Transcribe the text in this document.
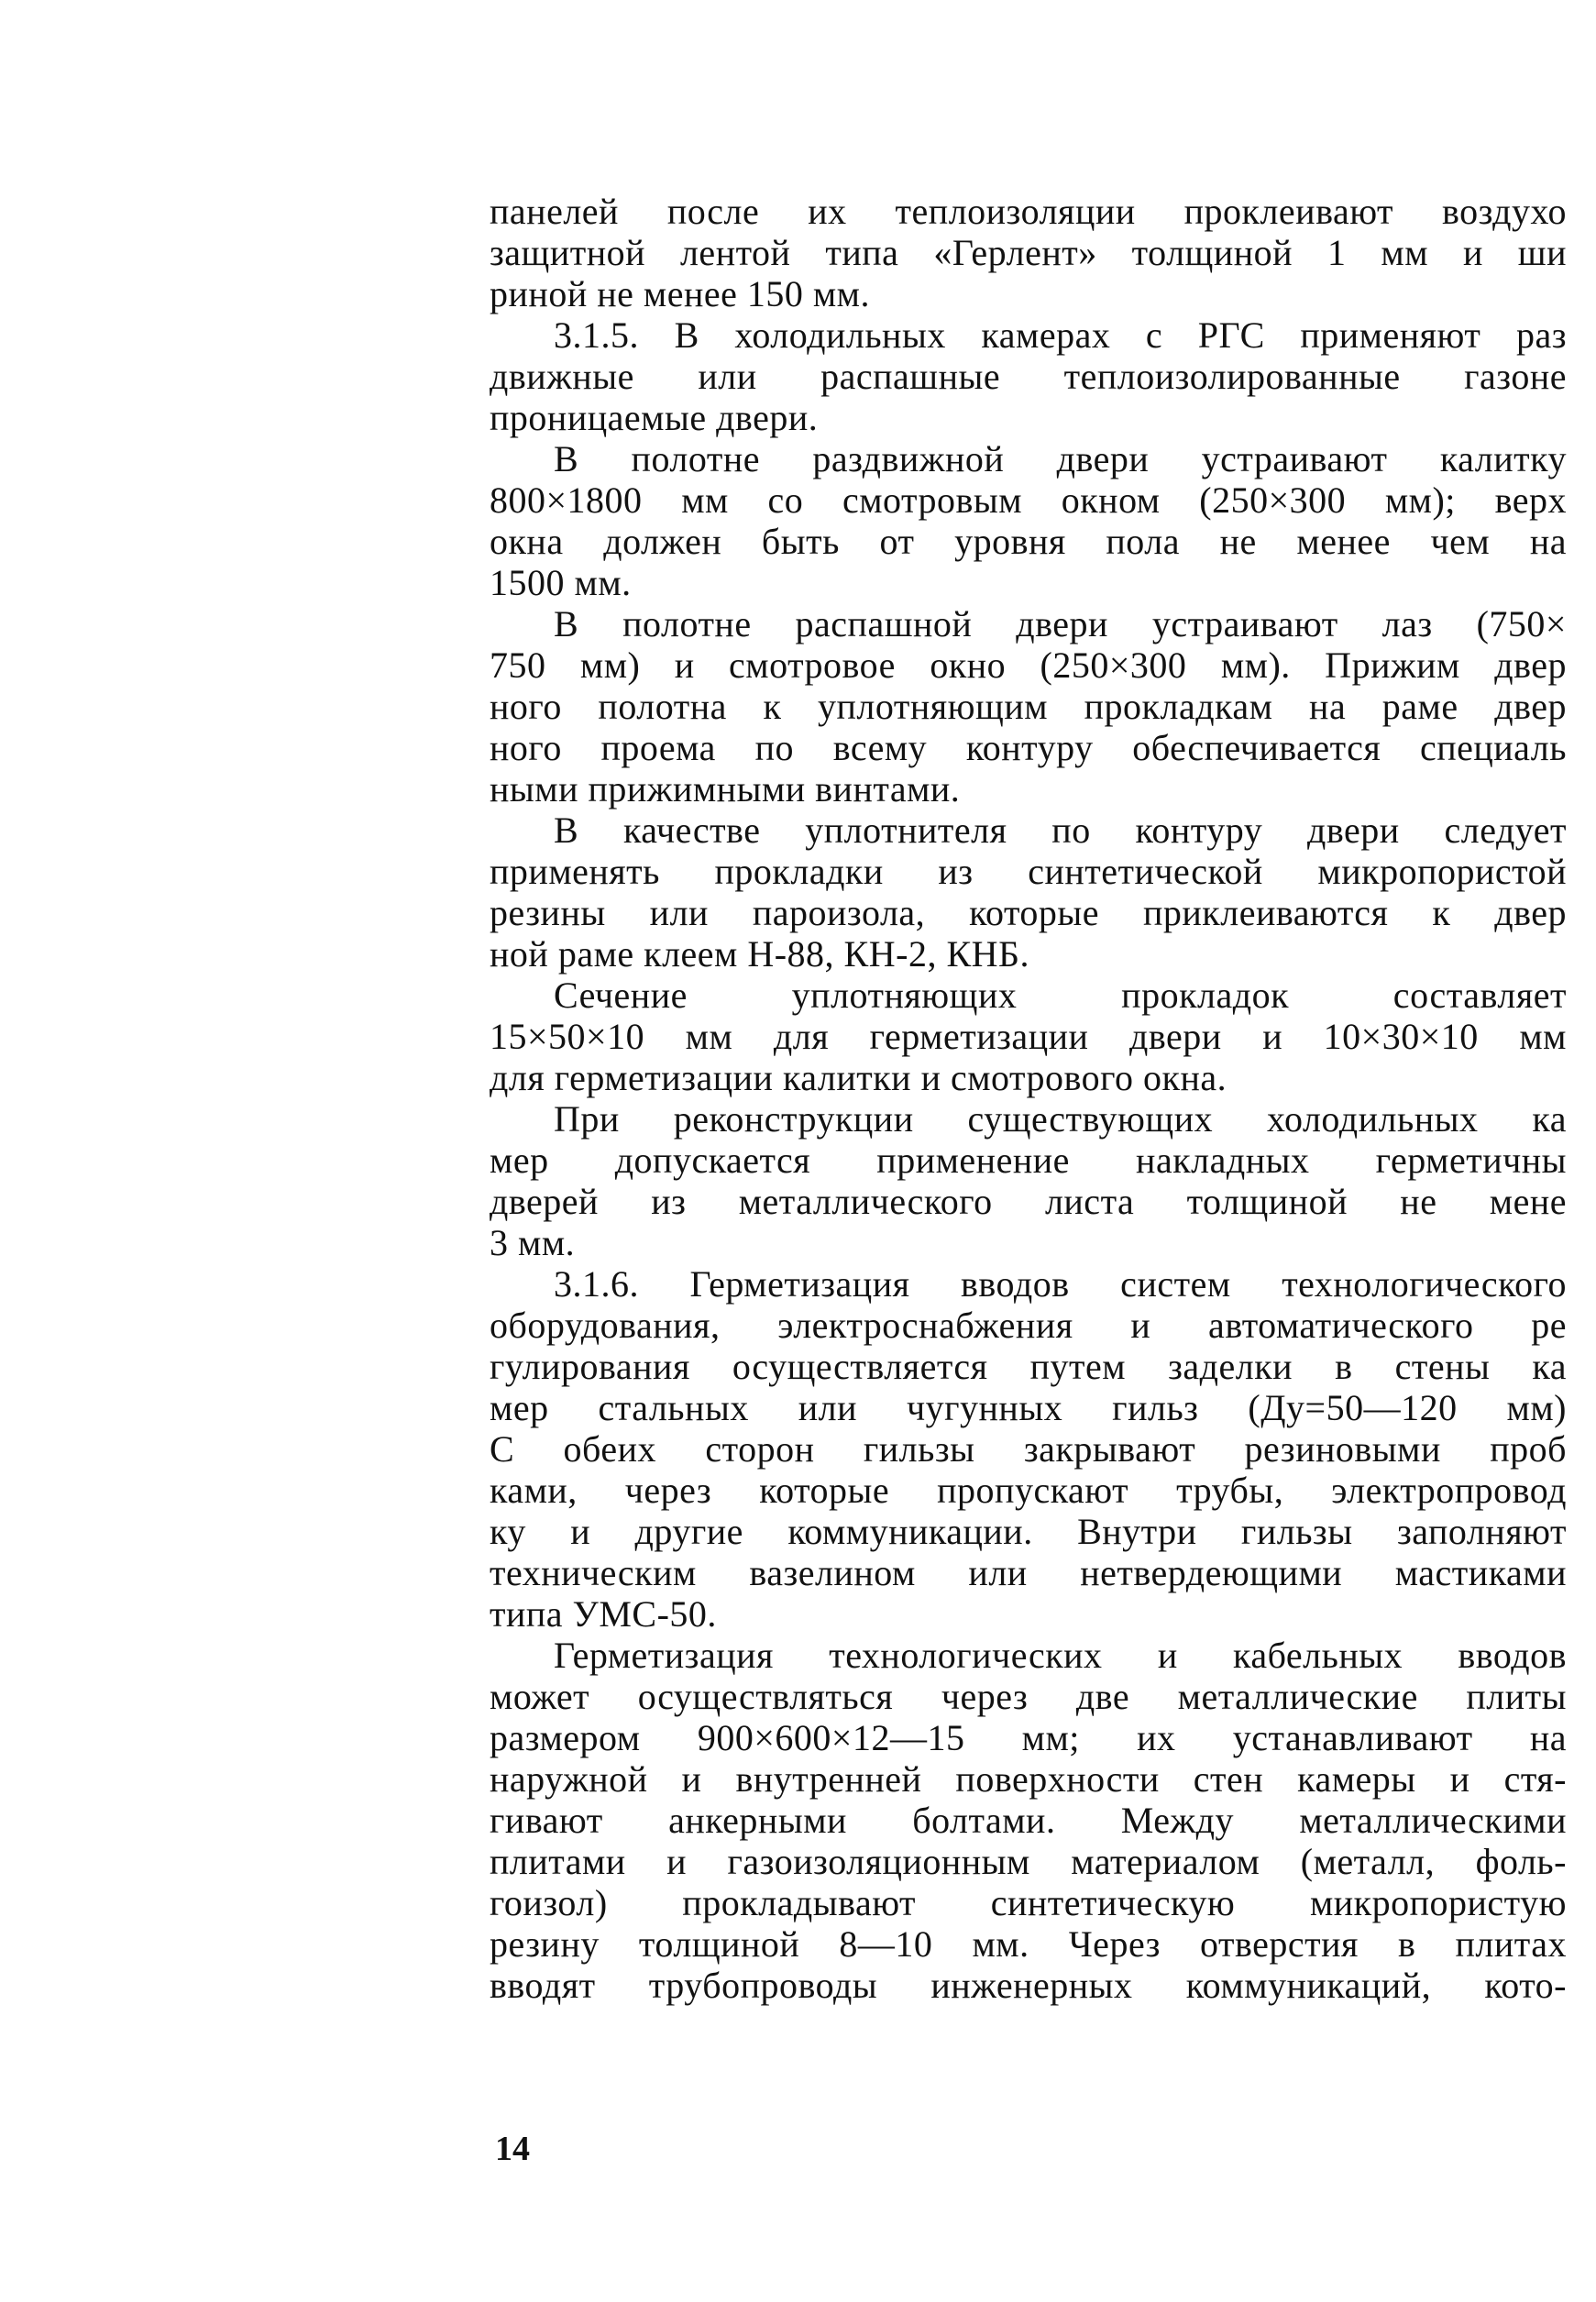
панелей после их теплоизоляции проклеивают воздухо
защитной лентой типа «Герлент» толщиной 1 мм и ши
риной не менее 150 мм.
3.1.5. В холодильных камерах с РГС применяют раз
движные или распашные теплоизолированные газоне
проницаемые двери.
В полотне раздвижной двери устраивают калитку
800×1800 мм со смотровым окном (250×300 мм); верх
окна должен быть от уровня пола не менее чем на
1500 мм.
В полотне распашной двери устраивают лаз (750×
750 мм) и смотровое окно (250×300 мм). Прижим двер
ного полотна к уплотняющим прокладкам на раме двер
ного проема по всему контуру обеспечивается специаль
ными прижимными винтами.
В качестве уплотнителя по контуру двери следует
применять прокладки из синтетической микропористой
резины или пароизола, которые приклеиваются к двер
ной раме клеем Н-88, КН-2, КНБ.
Сечение уплотняющих прокладок составляет
15×50×10 мм для герметизации двери и 10×30×10 мм
для герметизации калитки и смотрового окна.
При реконструкции существующих холодильных ка
мер допускается применение накладных герметичны
дверей из металлического листа толщиной не мене
3 мм.
3.1.6. Герметизация вводов систем технологического
оборудования, электроснабжения и автоматического ре
гулирования осуществляется путем заделки в стены ка
мер стальных или чугунных гильз (Ду=50—120 мм)
С обеих сторон гильзы закрывают резиновыми проб
ками, через которые пропускают трубы, электропровод
ку и другие коммуникации. Внутри гильзы заполняют
техническим вазелином или нетвердеющими мастиками
типа УМС-50.
Герметизация технологических и кабельных вводов
может осуществляться через две металлические плиты
размером 900×600×12—15 мм; их устанавливают на
наружной и внутренней поверхности стен камеры и стя-
гивают анкерными болтами. Между металлическими
плитами и газоизоляционным материалом (металл, фоль-
гоизол) прокладывают синтетическую микропористую
резину толщиной 8—10 мм. Через отверстия в плитах
вводят трубопроводы инженерных коммуникаций, кото-
14
